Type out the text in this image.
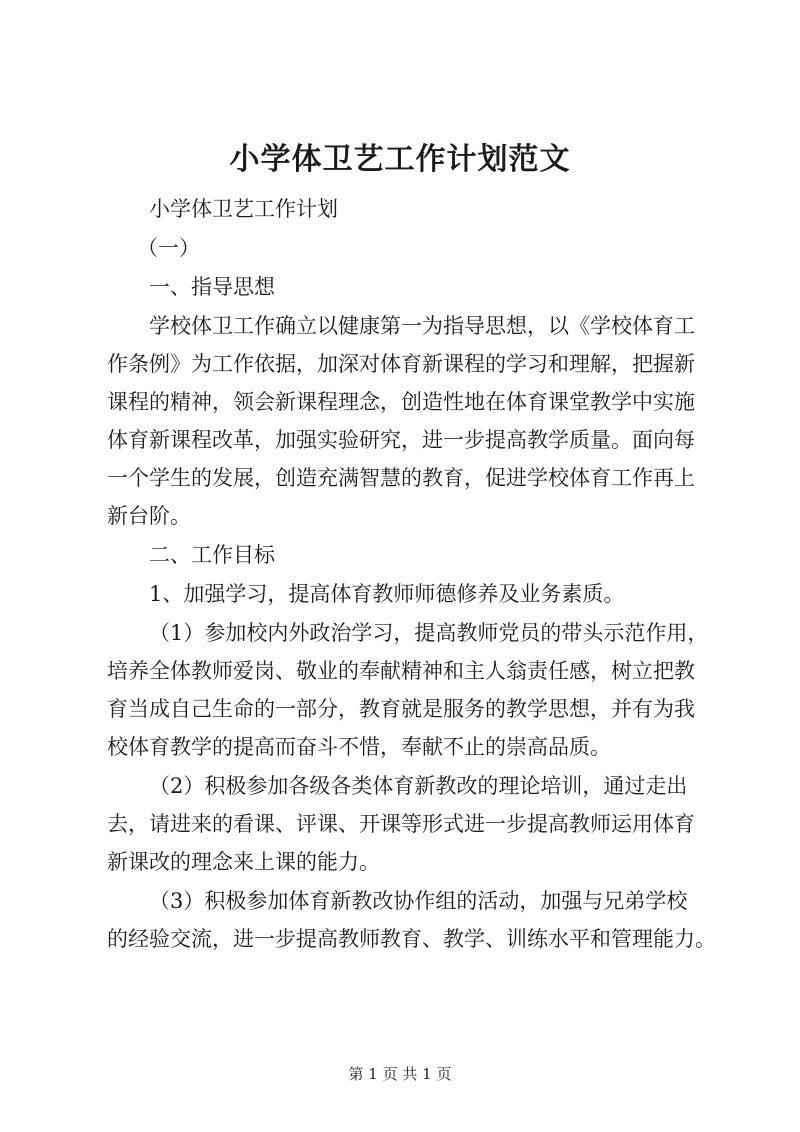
小学体卫艺工作计划范文
小学体卫艺工作计划
（一）
一、指导思想
学校体卫工作确立以健康第一为指导思想，以《学校体育工
作条例》为工作依据，加深对体育新课程的学习和理解，把握新
课程的精神，领会新课程理念，创造性地在体育课堂教学中实施
体育新课程改革，加强实验研究，进一步提高教学质量。面向每
一个学生的发展，创造充满智慧的教育，促进学校体育工作再上
新台阶。
二、工作目标
1、加强学习，提高体育教师师德修养及业务素质。
（1）参加校内外政治学习，提高教师党员的带头示范作用，
培养全体教师爱岗、敬业的奉献精神和主人翁责任感，树立把教
育当成自己生命的一部分，教育就是服务的教学思想，并有为我
校体育教学的提高而奋斗不惜，奉献不止的崇高品质。
（2）积极参加各级各类体育新教改的理论培训，通过走出
去，请进来的看课、评课、开课等形式进一步提高教师运用体育
新课改的理念来上课的能力。
（3）积极参加体育新教改协作组的活动，加强与兄弟学校
的经验交流，进一步提高教师教育、教学、训练水平和管理能力。
第 1 页 共 1 页
